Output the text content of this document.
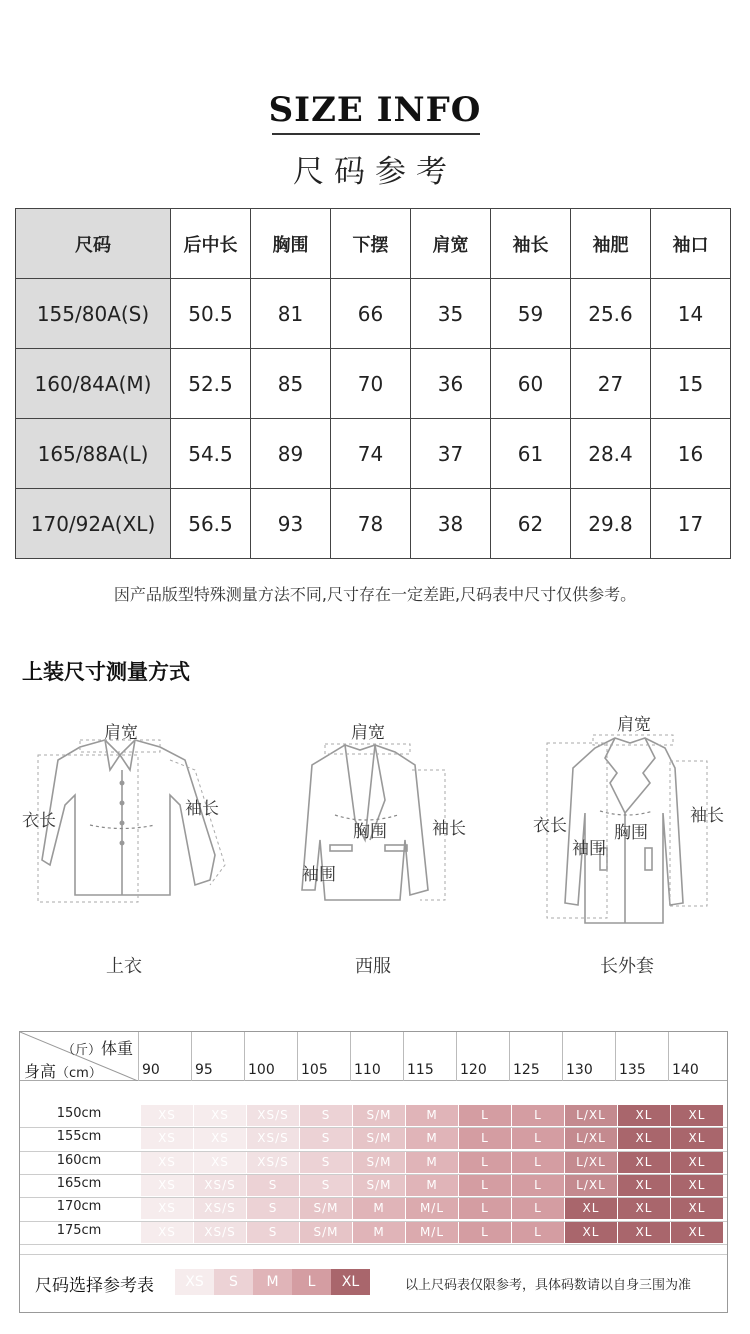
SIZE INFO
尺码参考
尺码	后中长	胸围	下摆	肩宽	袖长	袖肥	袖口
155/80A(S)	50.5	81	66	35	59	25.6	14
160/84A(M)	52.5	85	70	36	60	27	15
165/88A(L)	54.5	89	74	37	61	28.4	16
170/92A(XL)	56.5	93	78	38	62	29.8	17
因产品版型特殊测量方法不同,尺寸存在一定差距,尺码表中尺寸仅供参考。
上装尺寸测量方式
肩宽
衣长
袖长
上衣
肩宽
胸围	袖长
袖围
西服
肩宽
衣长	胸围
袖围
袖长
长外套
（斤）体重
身高（cm）	90	95	100 105 110 115 120 125 130 135 140
150cm	XS	XS	XS/S	S	S/M	M	L	L	L/XL	XL	XL
155cm	XS	XS	XS/S	S	S/M	M	L	L	L/XL	XL	XL
160cm	XS	XS	XS/S	S	S/M	M	L	L	L/XL	XL	XL
165cm	XS	XS/S	S	S	S/M	M	L	L	L/XL	XL	XL
170cm	XS	XS/S	S	S/M	M	M/L	L	L	XL	XL	XL
175cm	XS	XS/S	S	S/M	M	M/L	L	L	XL	XL	XL
尺码选择参考表	XS	S	M	L	XL	以上尺码表仅限参考，具体码数请以自身三围为准
